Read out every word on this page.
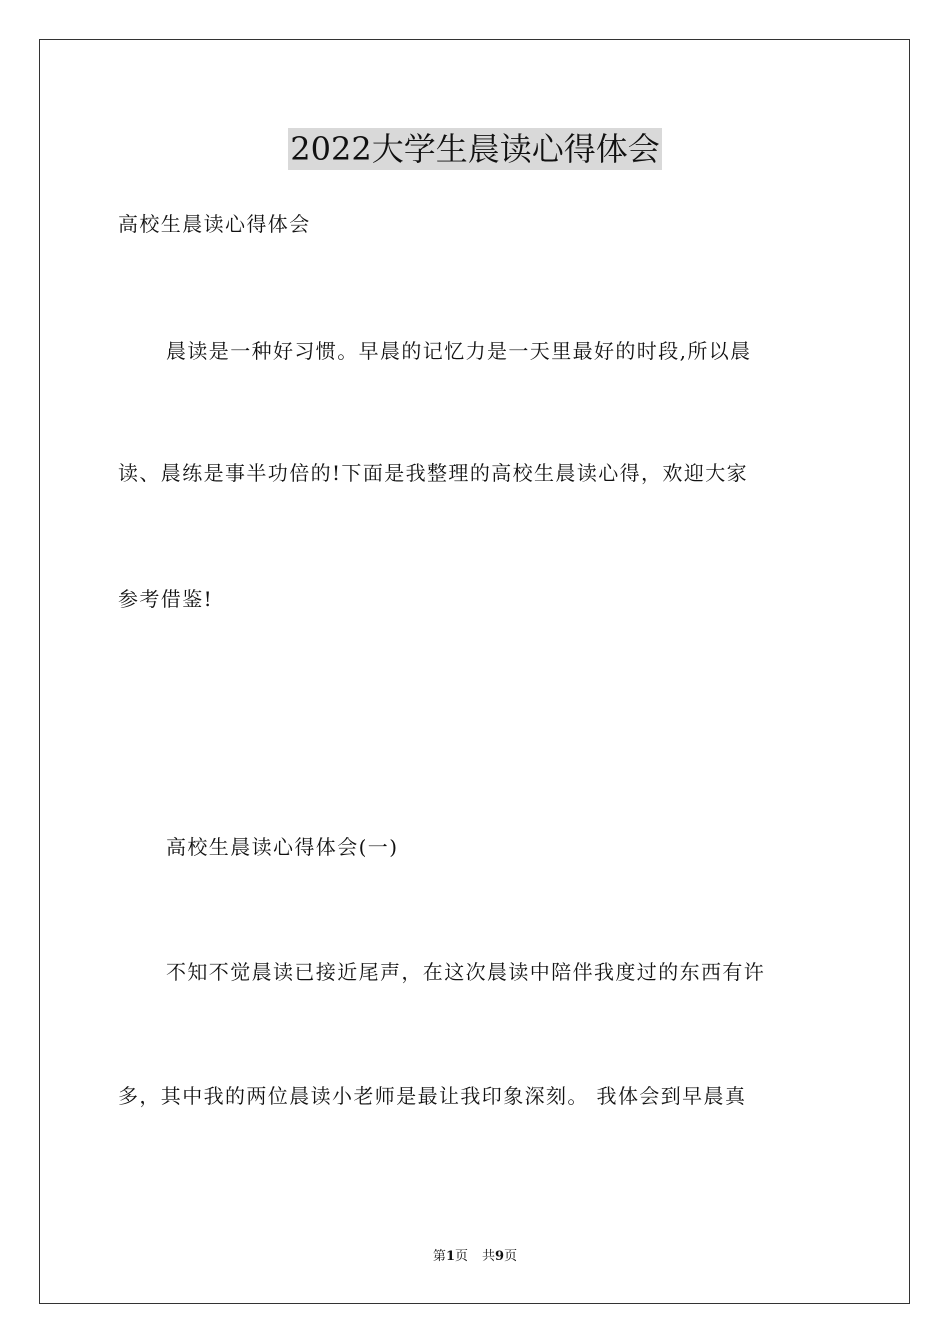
2022大学生晨读心得体会
高校生晨读心得体会
晨读是一种好习惯。早晨的记忆力是一天里最好的时段,所以晨
读、晨练是事半功倍的!下面是我整理的高校生晨读心得，欢迎大家
参考借鉴!
高校生晨读心得体会(一)
不知不觉晨读已接近尾声，在这次晨读中陪伴我度过的东西有许
多，其中我的两位晨读小老师是最让我印象深刻。 我体会到早晨真
第1页 共9页
